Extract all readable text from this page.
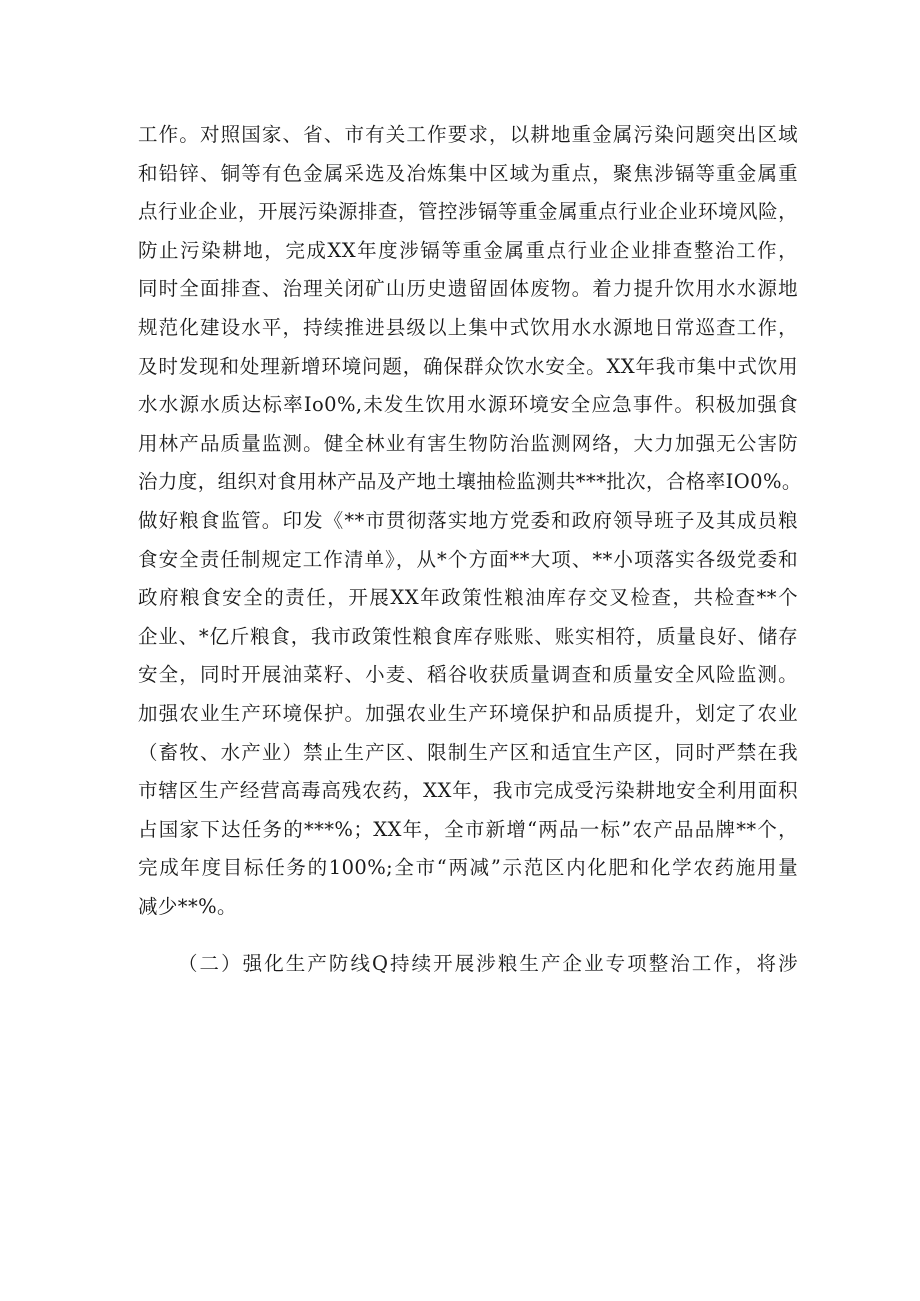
工作。对照国家、省、市有关工作要求，以耕地重金属污染问题突出区域
和铅锌、铜等有色金属采选及冶炼集中区域为重点，聚焦涉镉等重金属重
点行业企业，开展污染源排查，管控涉镉等重金属重点行业企业环境风险，
防止污染耕地，完成XX年度涉镉等重金属重点行业企业排查整治工作，
同时全面排查、治理关闭矿山历史遗留固体废物。着力提升饮用水水源地
规范化建设水平，持续推进县级以上集中式饮用水水源地日常巡查工作，
及时发现和处理新增环境问题，确保群众饮水安全。XX年我市集中式饮用
水水源水质达标率Io0%,未发生饮用水源环境安全应急事件。积极加强食
用林产品质量监测。健全林业有害生物防治监测网络，大力加强无公害防
治力度，组织对食用林产品及产地土壤抽检监测共***批次，合格率IO0%。
做好粮食监管。印发《**市贯彻落实地方党委和政府领导班子及其成员粮
食安全责任制规定工作清单》，从*个方面**大项、**小项落实各级党委和
政府粮食安全的责任，开展XX年政策性粮油库存交叉检查，共检查**个
企业、*亿斤粮食，我市政策性粮食库存账账、账实相符，质量良好、储存
安全，同时开展油菜籽、小麦、稻谷收获质量调查和质量安全风险监测。
加强农业生产环境保护。加强农业生产环境保护和品质提升，划定了农业
（畜牧、水产业）禁止生产区、限制生产区和适宜生产区，同时严禁在我
市辖区生产经营高毒高残农药，XX年，我市完成受污染耕地安全利用面积
占国家下达任务的***%；XX年，全市新增“两品一标”农产品品牌**个，
完成年度目标任务的100%;全市“两减”示范区内化肥和化学农药施用量
减少**%。
（二）强化生产防线Q持续开展涉粮生产企业专项整治工作，将涉
